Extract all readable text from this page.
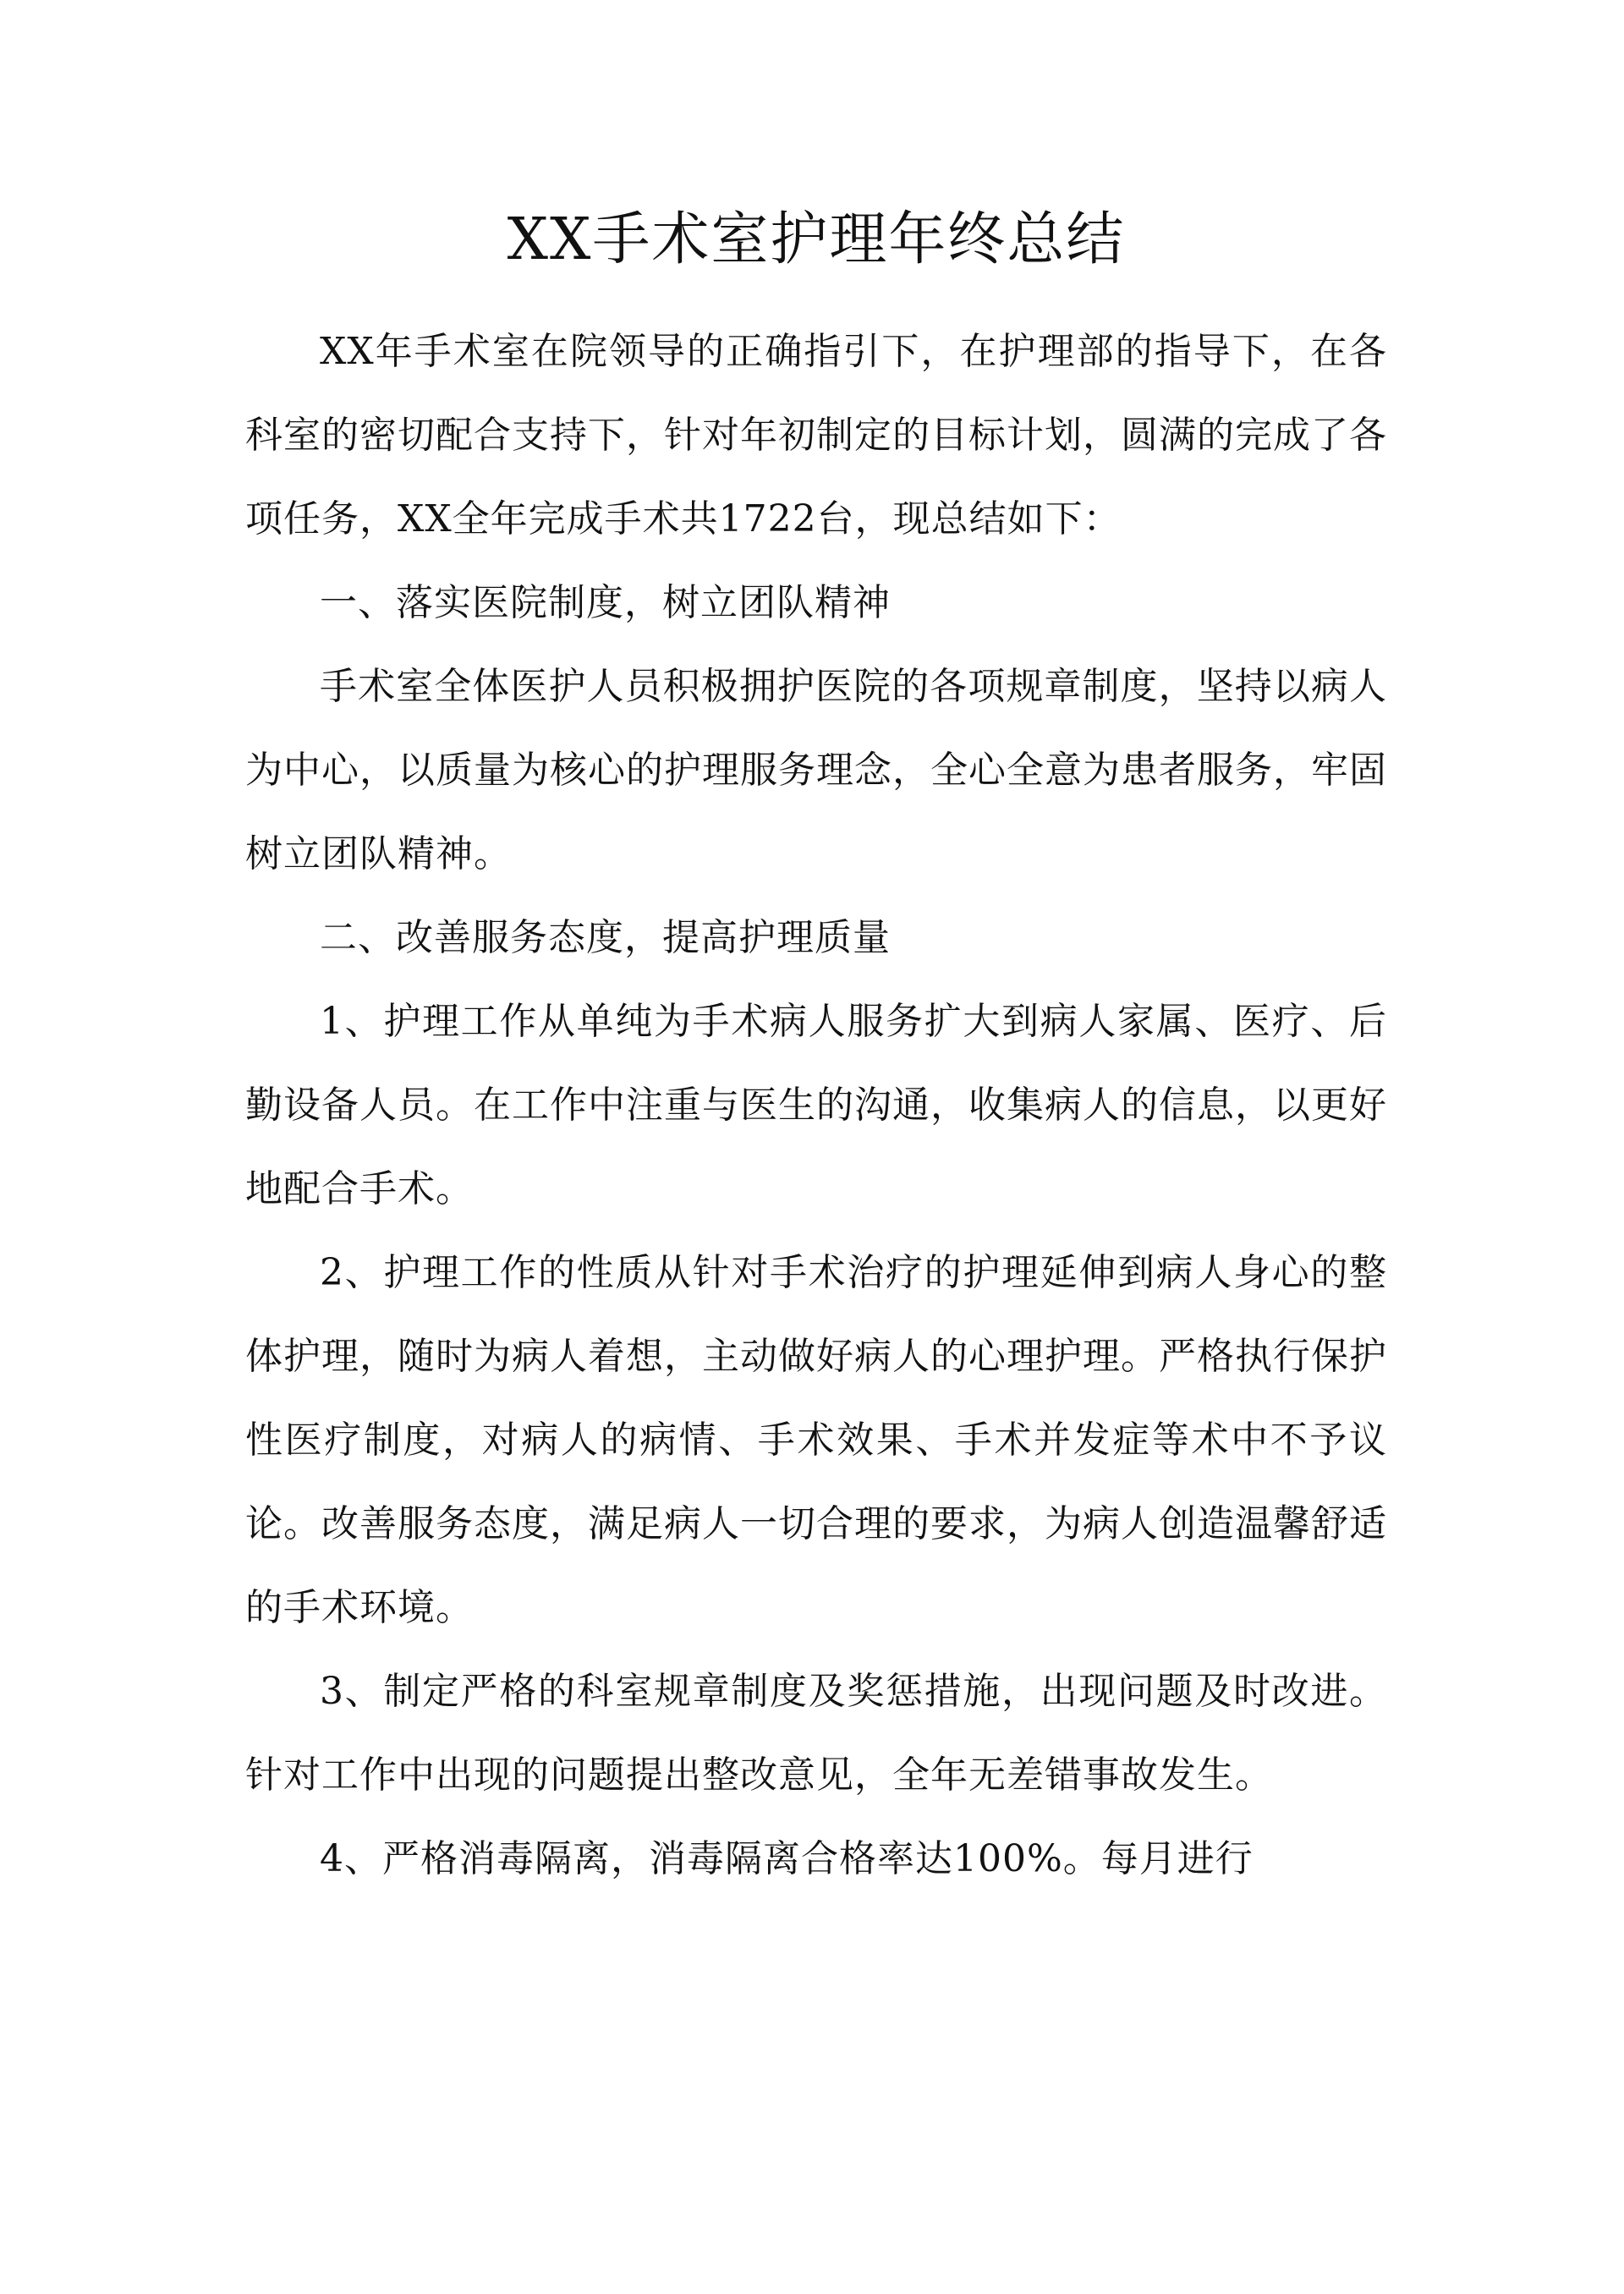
XX手术室护理年终总结

XX年手术室在院领导的正确指引下，在护理部的指导下，在各科室的密切配合支持下，针对年初制定的目标计划，圆满的完成了各项任务，XX全年完成手术共1722台，现总结如下：

一、落实医院制度，树立团队精神

手术室全体医护人员积极拥护医院的各项规章制度，坚持以病人为中心，以质量为核心的护理服务理念，全心全意为患者服务，牢固树立团队精神。

二、改善服务态度，提高护理质量

1、护理工作从单纯为手术病人服务扩大到病人家属、医疗、后勤设备人员。在工作中注重与医生的沟通，收集病人的信息，以更好地配合手术。

2、护理工作的性质从针对手术治疗的护理延伸到病人身心的整体护理，随时为病人着想，主动做好病人的心理护理。严格执行保护性医疗制度，对病人的病情、手术效果、手术并发症等术中不予议论。改善服务态度，满足病人一切合理的要求，为病人创造温馨舒适的手术环境。

3、制定严格的科室规章制度及奖惩措施，出现问题及时改进。针对工作中出现的问题提出整改意见，全年无差错事故发生。

4、严格消毒隔离，消毒隔离合格率达100%。每月进行
